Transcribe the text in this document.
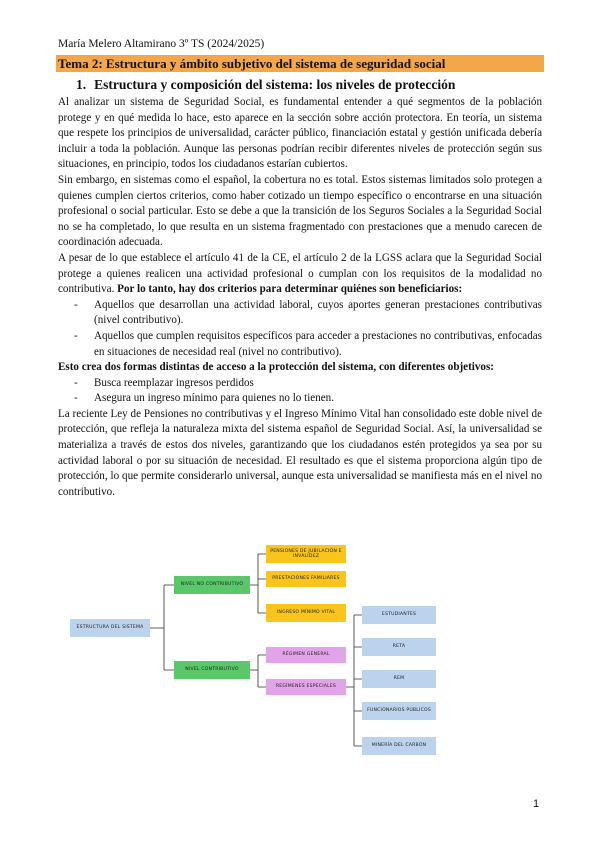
María Melero Altamirano 3º TS (2024/2025)
Tema 2: Estructura y ámbito subjetivo del sistema de seguridad social
1. Estructura y composición del sistema: los niveles de protección

Al analizar un sistema de Seguridad Social, es fundamental entender a qué segmentos de la población protege y en qué medida lo hace, esto aparece en la sección sobre acción protectora. En teoría, un sistema que respete los principios de universalidad, carácter público, financiación estatal y gestión unificada debería incluir a toda la población. Aunque las personas podrían recibir diferentes niveles de protección según sus situaciones, en principio, todos los ciudadanos estarían cubiertos.

Sin embargo, en sistemas como el español, la cobertura no es total. Estos sistemas limitados solo protegen a quienes cumplen ciertos criterios, como haber cotizado un tiempo específico o encontrarse en una situación profesional o social particular. Esto se debe a que la transición de los Seguros Sociales a la Seguridad Social no se ha completado, lo que resulta en un sistema fragmentado con prestaciones que a menudo carecen de coordinación adecuada.

A pesar de lo que establece el artículo 41 de la CE, el artículo 2 de la LGSS aclara que la Seguridad Social protege a quienes realicen una actividad profesional o cumplan con los requisitos de la modalidad no contributiva. Por lo tanto, hay dos criterios para determinar quiénes son beneficiarios:

- Aquellos que desarrollan una actividad laboral, cuyos aportes generan prestaciones contributivas (nivel contributivo).
- Aquellos que cumplen requisitos específicos para acceder a prestaciones no contributivas, enfocadas en situaciones de necesidad real (nivel no contributivo).

Esto crea dos formas distintas de acceso a la protección del sistema, con diferentes objetivos:

- Busca reemplazar ingresos perdidos
- Asegura un ingreso mínimo para quienes no lo tienen.

La reciente Ley de Pensiones no contributivas y el Ingreso Mínimo Vital han consolidado este doble nivel de protección, que refleja la naturaleza mixta del sistema español de Seguridad Social. Así, la universalidad se materializa a través de estos dos niveles, garantizando que los ciudadanos estén protegidos ya sea por su actividad laboral o por su situación de necesidad. El resultado es que el sistema proporciona algún tipo de protección, lo que permite considerarlo universal, aunque esta universalidad se manifiesta más en el nivel no contributivo.

ESTRUCTURA DEL SISTEMA
NIVEL NO CONTRIBUTIVO
NIVEL CONTRIBUTIVO
PENSIONES DE JUBILACIÓN E INVALIDEZ
PRESTACIONES FAMILIARES
INGRESO MÍNIMO VITAL
RÉGIMEN GENERAL
REGÍMENES ESPECIALES
ESTUDIANTES
RETA
REM
FUNCIONARIOS PÚBLICOS
MINERÍA DEL CARBÓN
1
